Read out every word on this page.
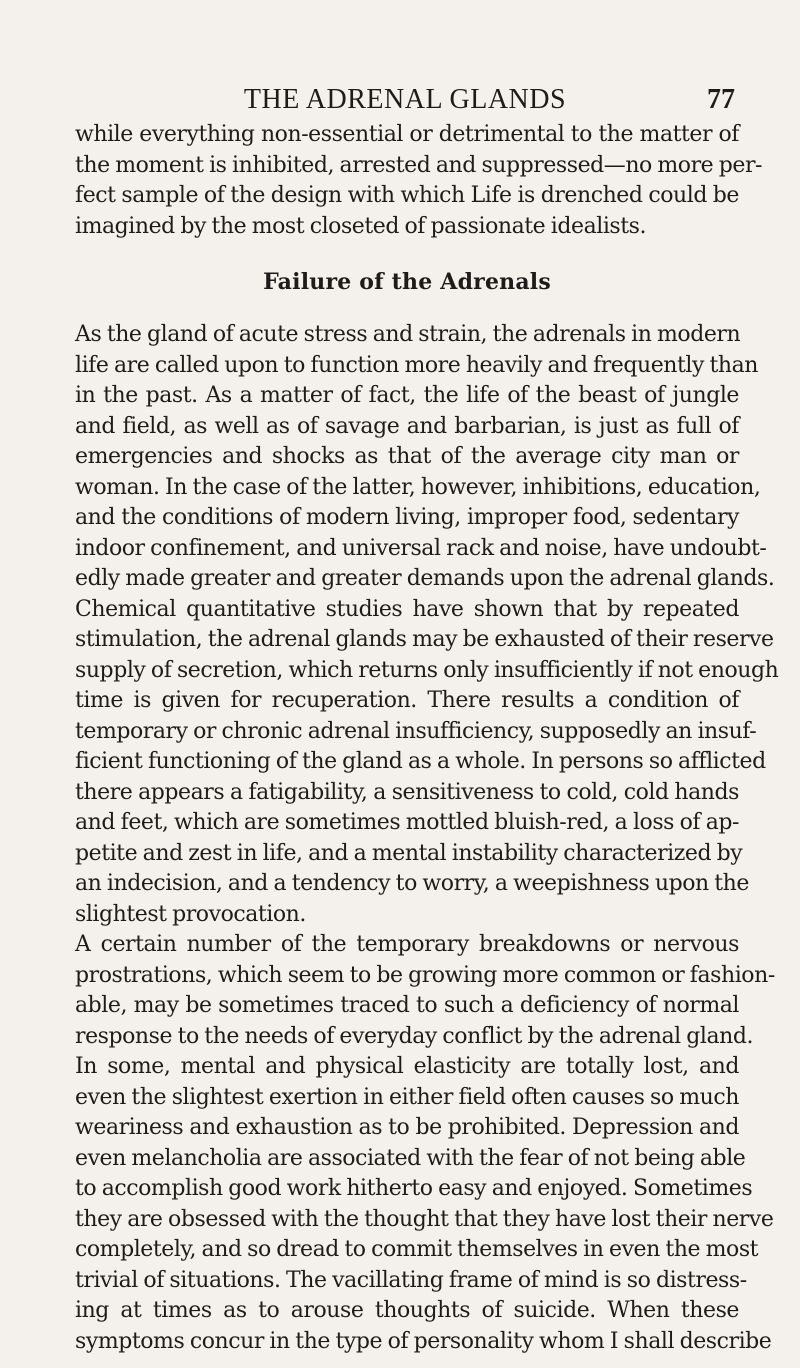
THE ADRENAL GLANDS	77
while everything non-essential or detrimental to the matter of
the moment is inhibited, arrested and suppressed—no more per-
fect sample of the design with which Life is drenched could be
imagined by the most closeted of passionate idealists.
Failure of the Adrenals
As the gland of acute stress and strain, the adrenals in modern
life are called upon to function more heavily and frequently than
in the past. As a matter of fact, the life of the beast of jungle
and field, as well as of savage and barbarian, is just as full of
emergencies and shocks as that of the average city man or
woman. In the case of the latter, however, inhibitions, education,
and the conditions of modern living, improper food, sedentary
indoor confinement, and universal rack and noise, have undoubt-
edly made greater and greater demands upon the adrenal glands.
Chemical quantitative studies have shown that by repeated
stimulation, the adrenal glands may be exhausted of their reserve
supply of secretion, which returns only insufficiently if not enough
time is given for recuperation. There results a condition of
temporary or chronic adrenal insufficiency, supposedly an insuf-
ficient functioning of the gland as a whole. In persons so afflicted
there appears a fatigability, a sensitiveness to cold, cold hands
and feet, which are sometimes mottled bluish-red, a loss of ap-
petite and zest in life, and a mental instability characterized by
an indecision, and a tendency to worry, a weepishness upon the
slightest provocation.
A certain number of the temporary breakdowns or nervous
prostrations, which seem to be growing more common or fashion-
able, may be sometimes traced to such a deficiency of normal
response to the needs of everyday conflict by the adrenal gland.
In some, mental and physical elasticity are totally lost, and
even the slightest exertion in either field often causes so much
weariness and exhaustion as to be prohibited. Depression and
even melancholia are associated with the fear of not being able
to accomplish good work hitherto easy and enjoyed. Sometimes
they are obsessed with the thought that they have lost their nerve
completely, and so dread to commit themselves in even the most
trivial of situations. The vacillating frame of mind is so distress-
ing at times as to arouse thoughts of suicide. When these
symptoms concur in the type of personality whom I shall describe
